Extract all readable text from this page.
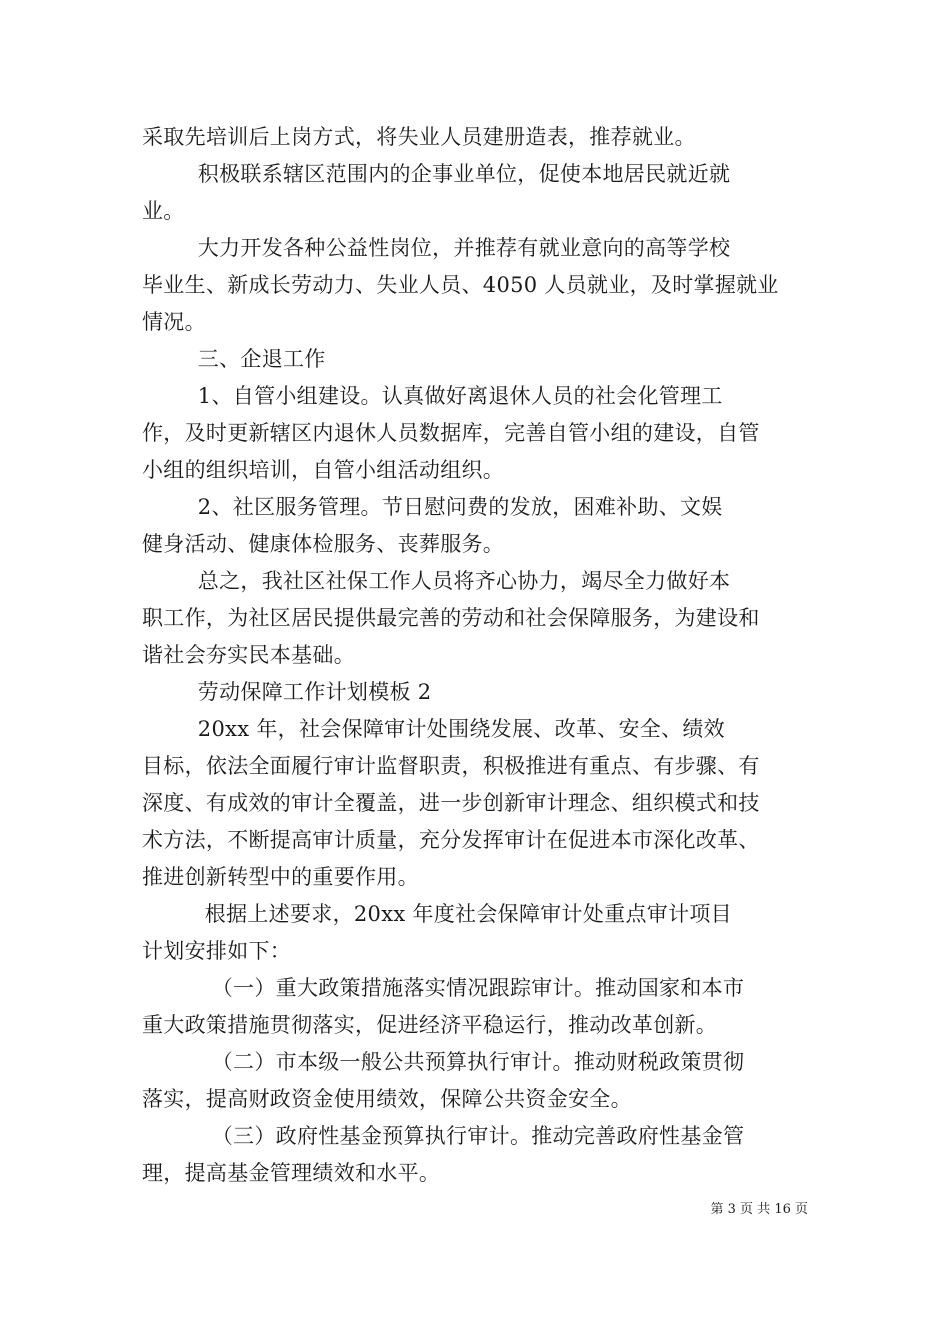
采取先培训后上岗方式，将失业人员建册造表，推荐就业。
积极联系辖区范围内的企事业单位，促使本地居民就近就
业。
大力开发各种公益性岗位，并推荐有就业意向的高等学校
毕业生、新成长劳动力、失业人员、4050 人员就业，及时掌握就业
情况。
三、企退工作
1、自管小组建设。认真做好离退休人员的社会化管理工
作，及时更新辖区内退休人员数据库，完善自管小组的建设，自管
小组的组织培训，自管小组活动组织。
2、社区服务管理。节日慰问费的发放，困难补助、文娱
健身活动、健康体检服务、丧葬服务。
总之，我社区社保工作人员将齐心协力，竭尽全力做好本
职工作，为社区居民提供最完善的劳动和社会保障服务，为建设和
谐社会夯实民本基础。
劳动保障工作计划模板 2
20xx 年，社会保障审计处围绕发展、改革、安全、绩效
目标，依法全面履行审计监督职责，积极推进有重点、有步骤、有
深度、有成效的审计全覆盖，进一步创新审计理念、组织模式和技
术方法，不断提高审计质量，充分发挥审计在促进本市深化改革、
推进创新转型中的重要作用。
根据上述要求，20xx 年度社会保障审计处重点审计项目
计划安排如下：
（一）重大政策措施落实情况跟踪审计。推动国家和本市
重大政策措施贯彻落实，促进经济平稳运行，推动改革创新。
（二）市本级一般公共预算执行审计。推动财税政策贯彻
落实，提高财政资金使用绩效，保障公共资金安全。
（三）政府性基金预算执行审计。推动完善政府性基金管
理，提高基金管理绩效和水平。
第 3 页 共 16 页
